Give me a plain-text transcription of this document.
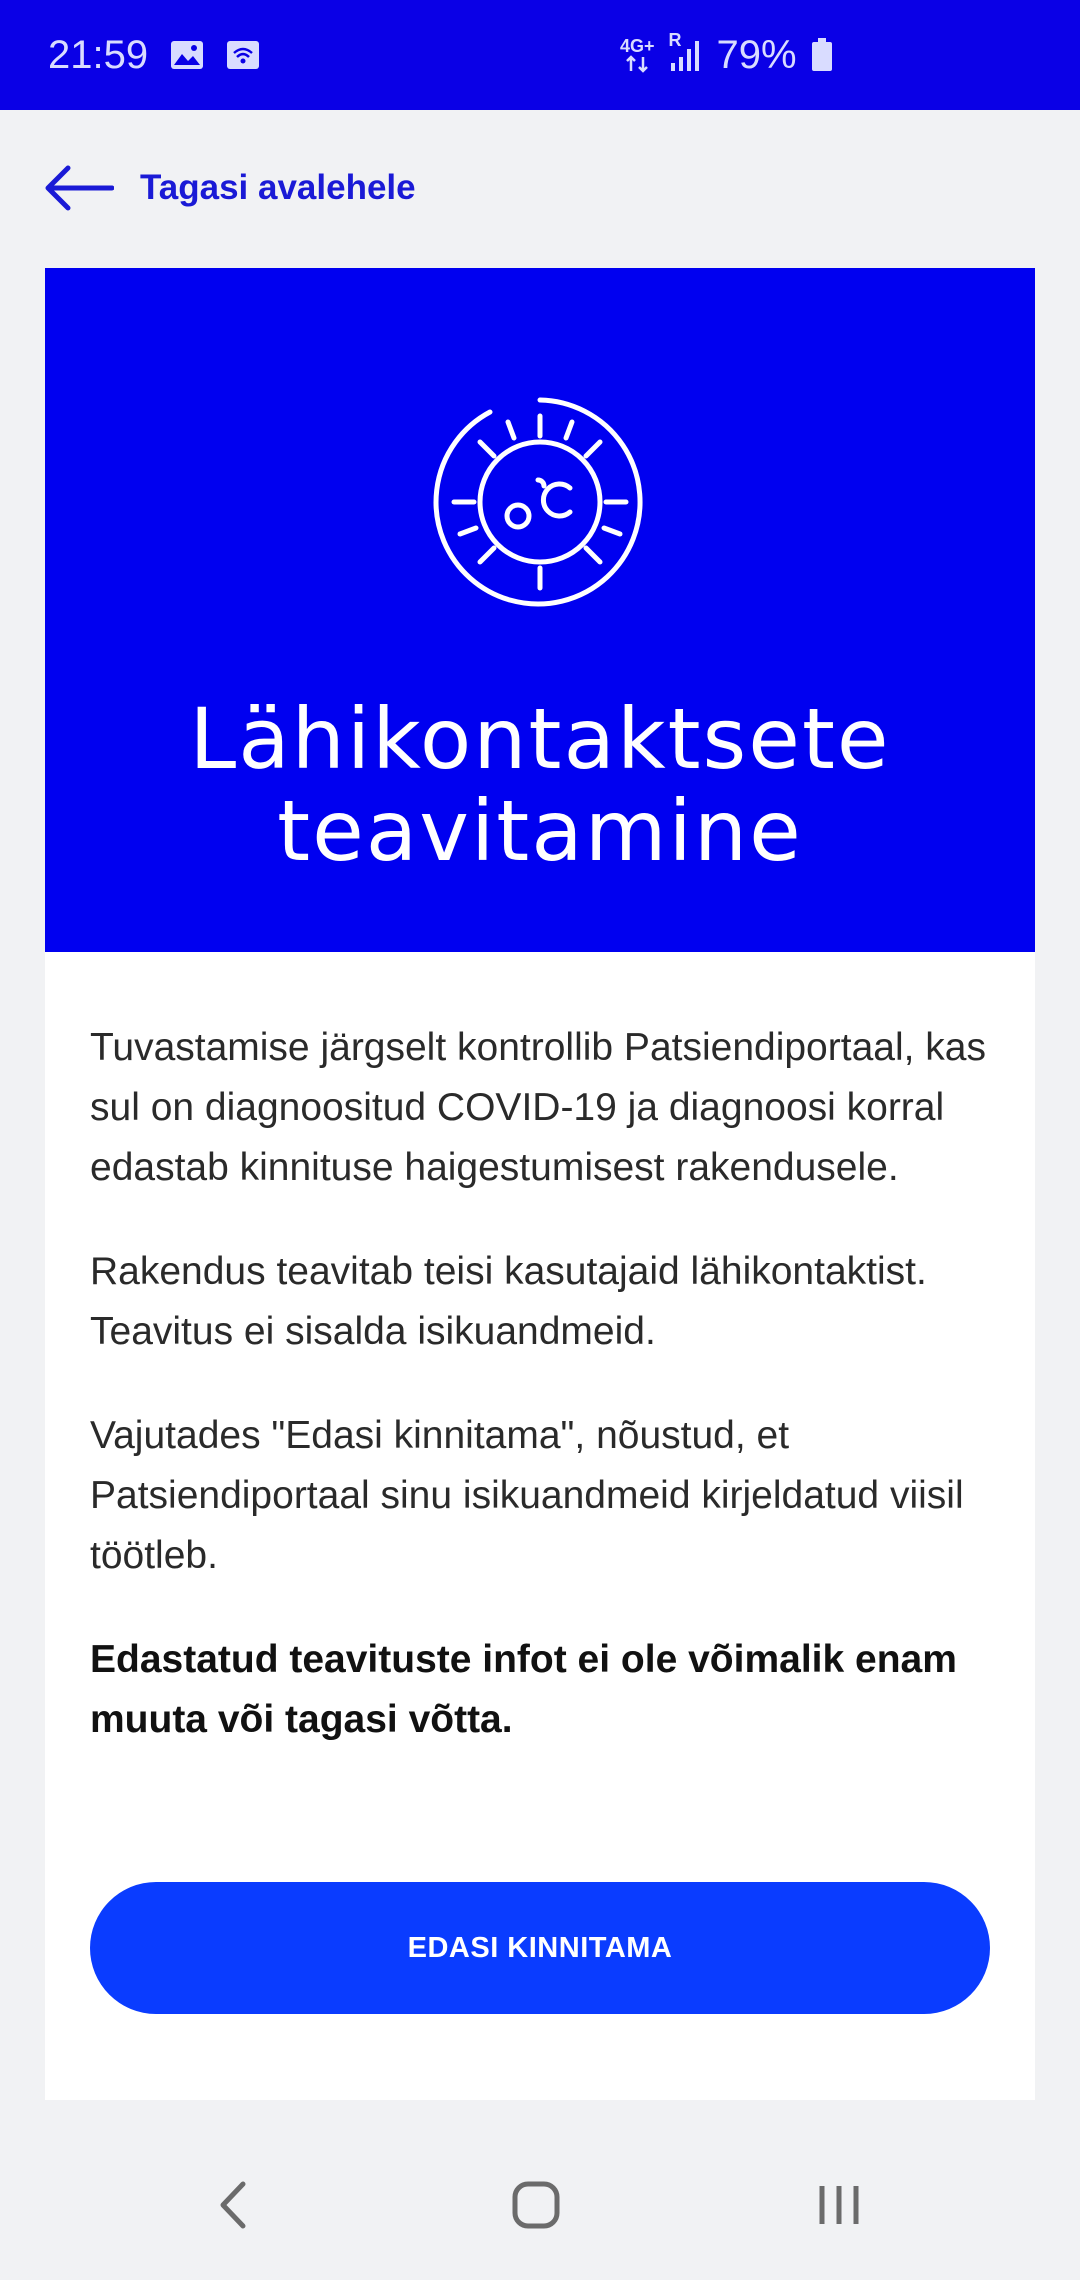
21:59	4G+ R 79%
Tagasi avalehele
Lähikontaktsete teavitamine

Tuvastamise järgselt kontrollib Patsiendiportaal, kas sul on diagnoositud COVID-19 ja diagnoosi korral edastab kinnituse haigestumisest rakendusele.

Rakendus teavitab teisi kasutajaid lähikontaktist. Teavitus ei sisalda isikuandmeid.

Vajutades "Edasi kinnitama", nõustud, et Patsiendiportaal sinu isikuandmeid kirjeldatud viisil töötleb.

Edastatud teavituste infot ei ole võimalik enam muuta või tagasi võtta.

EDASI KINNITAMA
